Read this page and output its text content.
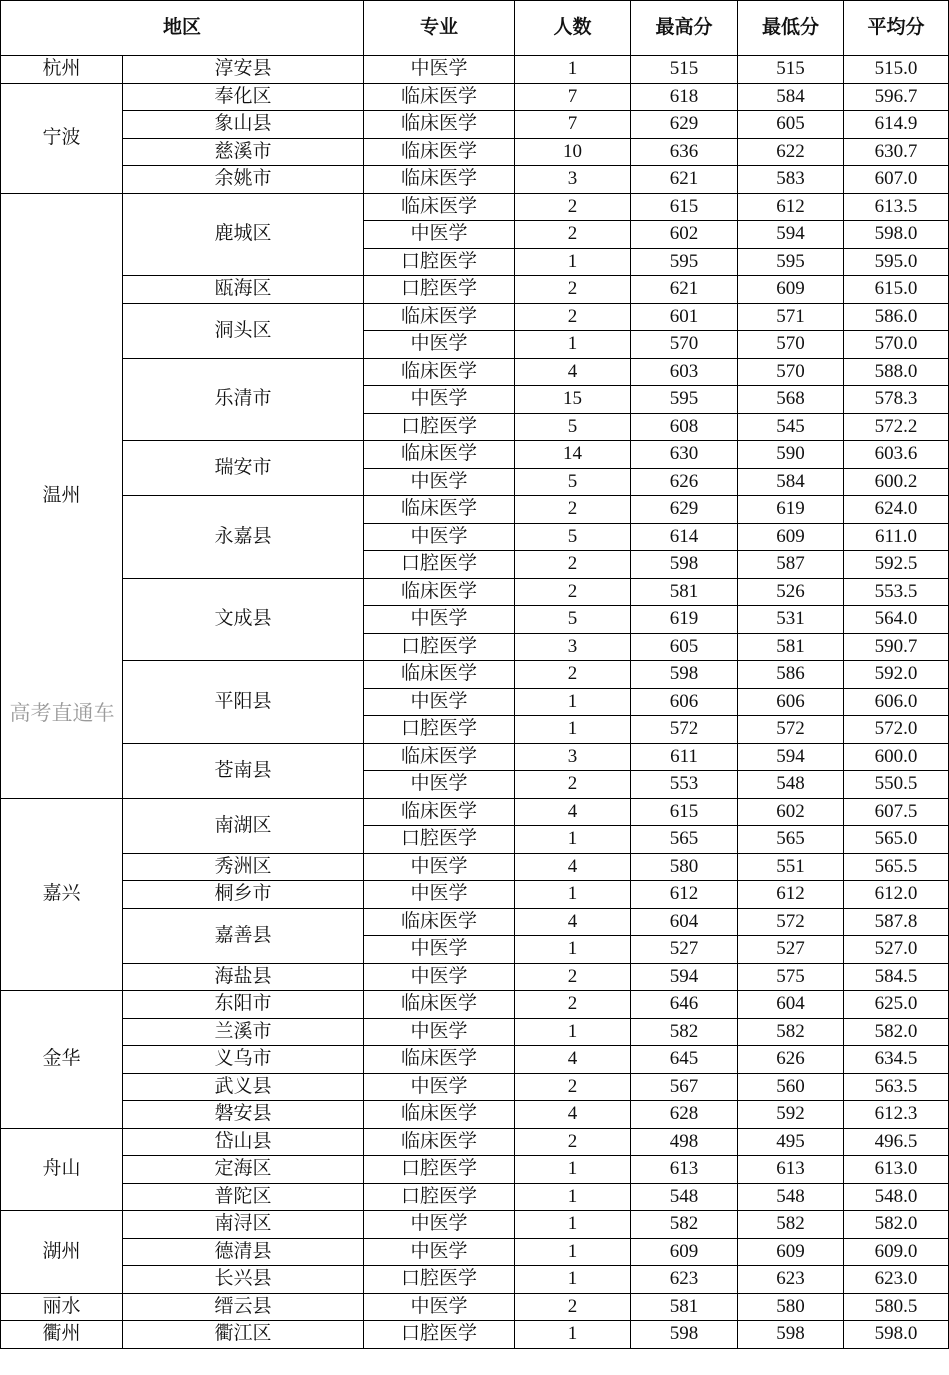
地区		专业	人数	最高分	最低分	平均分
杭州	淳安县	中医学	1	515	515	515.0
宁波	奉化区	临床医学	7	618	584	596.7
	象山县	临床医学	7	629	605	614.9
	慈溪市	临床医学	10	636	622	630.7
	余姚市	临床医学	3	621	583	607.0
温州	鹿城区	临床医学	2	615	612	613.5
		中医学	2	602	594	598.0
		口腔医学	1	595	595	595.0
	瓯海区	口腔医学	2	621	609	615.0
	洞头区	临床医学	2	601	571	586.0
		中医学	1	570	570	570.0
	乐清市	临床医学	4	603	570	588.0
		中医学	15	595	568	578.3
		口腔医学	5	608	545	572.2
	瑞安市	临床医学	14	630	590	603.6
		中医学	5	626	584	600.2
	永嘉县	临床医学	2	629	619	624.0
		中医学	5	614	609	611.0
		口腔医学	2	598	587	592.5
	文成县	临床医学	2	581	526	553.5
		中医学	5	619	531	564.0
		口腔医学	3	605	581	590.7
	平阳县	临床医学	2	598	586	592.0
		中医学	1	606	606	606.0
		口腔医学	1	572	572	572.0
	苍南县	临床医学	3	611	594	600.0
		中医学	2	553	548	550.5
嘉兴	南湖区	临床医学	4	615	602	607.5
		口腔医学	1	565	565	565.0
	秀洲区	中医学	4	580	551	565.5
	桐乡市	中医学	1	612	612	612.0
	嘉善县	临床医学	4	604	572	587.8
		中医学	1	527	527	527.0
	海盐县	中医学	2	594	575	584.5
金华	东阳市	临床医学	2	646	604	625.0
	兰溪市	中医学	1	582	582	582.0
	义乌市	临床医学	4	645	626	634.5
	武义县	中医学	2	567	560	563.5
	磐安县	临床医学	4	628	592	612.3
舟山	岱山县	临床医学	2	498	495	496.5
	定海区	口腔医学	1	613	613	613.0
	普陀区	口腔医学	1	548	548	548.0
湖州	南浔区	中医学	1	582	582	582.0
	德清县	中医学	1	609	609	609.0
	长兴县	口腔医学	1	623	623	623.0
丽水	缙云县	中医学	2	581	580	580.5
衢州	衢江区	口腔医学	1	598	598	598.0
高考直通车
